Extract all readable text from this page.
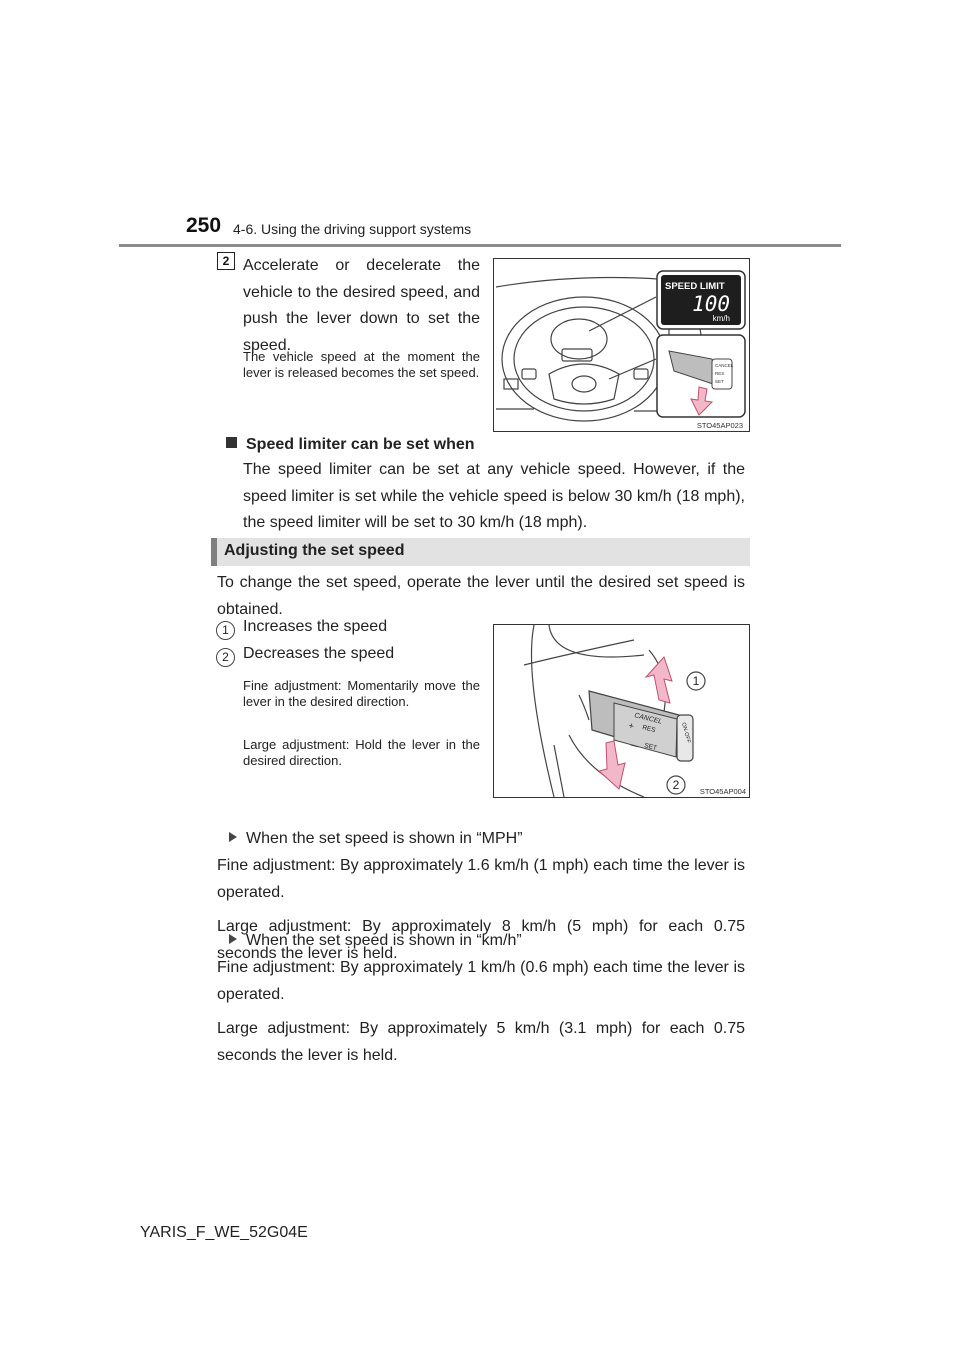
250 4-6. Using the driving support systems
2 Accelerate or decelerate the vehicle to the desired speed, and push the lever down to set the speed.
The vehicle speed at the moment the lever is released becomes the set speed.
SPEED LIMIT
100
km/h
CANCEL
RES
SET
STO45AP023
Speed limiter can be set when
The speed limiter can be set at any vehicle speed. However, if the speed limiter is set while the vehicle speed is below 30 km/h (18 mph), the speed limiter will be set to 30 km/h (18 mph).
Adjusting the set speed
To change the set speed, operate the lever until the desired set speed is obtained.
1 Increases the speed
2 Decreases the speed
Fine adjustment: Momentarily move the lever in the desired direction.
Large adjustment: Hold the lever in the desired direction.
CANCEL
+ RES
— SET
ON·OFF
1
2	STO45AP004
When the set speed is shown in “MPH”
Fine adjustment: By approximately 1.6 km/h (1 mph) each time the lever is operated.
Large adjustment: By approximately 8 km/h (5 mph) for each 0.75 seconds the lever is held.
When the set speed is shown in “km/h”
Fine adjustment: By approximately 1 km/h (0.6 mph) each time the lever is operated.
Large adjustment: By approximately 5 km/h (3.1 mph) for each 0.75 seconds the lever is held.
YARIS_F_WE_52G04E
